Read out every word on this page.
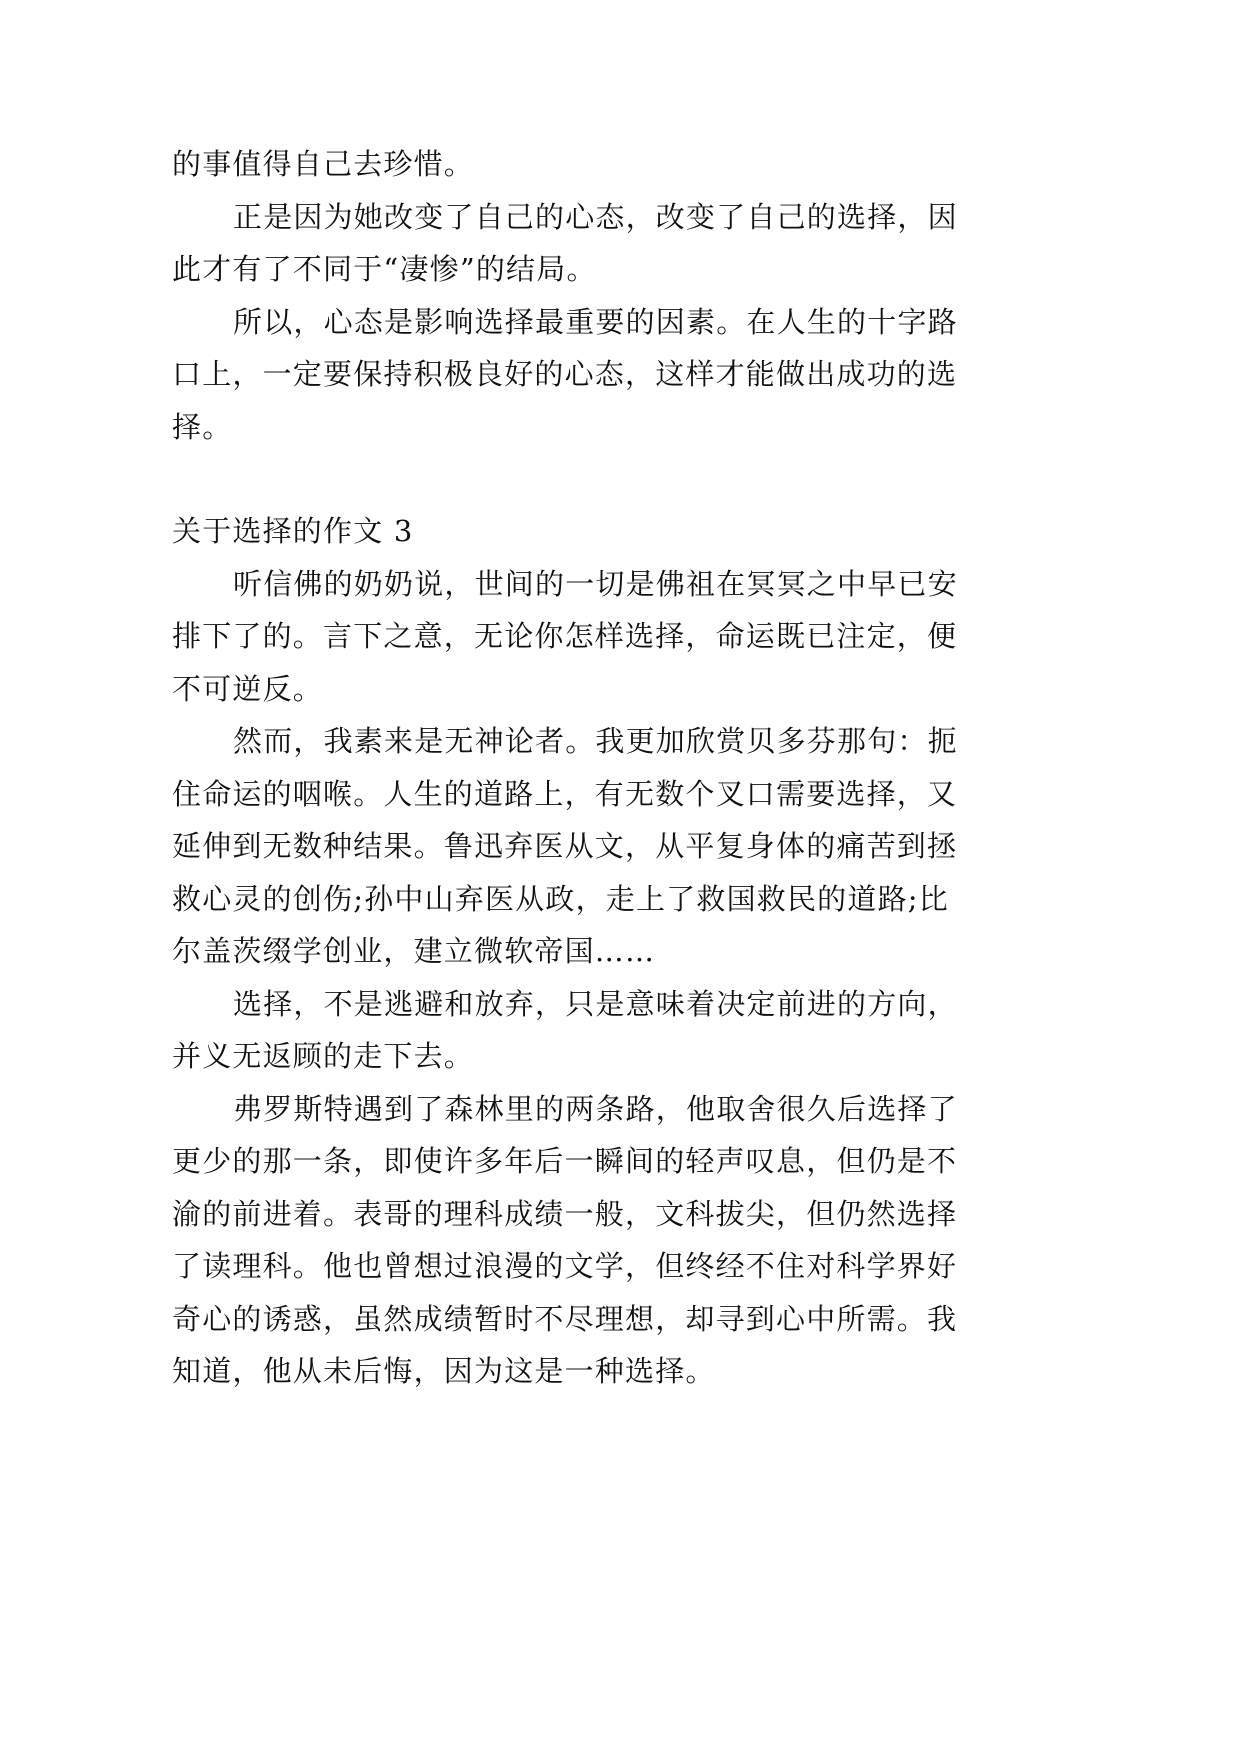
的事值得自己去珍惜。
正是因为她改变了自己的心态，改变了自己的选择，因
此才有了不同于“凄惨”的结局。
所以，心态是影响选择最重要的因素。在人生的十字路
口上，一定要保持积极良好的心态，这样才能做出成功的选
择。
关于选择的作文 3
听信佛的奶奶说，世间的一切是佛祖在冥冥之中早已安
排下了的。言下之意，无论你怎样选择，命运既已注定，便
不可逆反。
然而，我素来是无神论者。我更加欣赏贝多芬那句：扼
住命运的咽喉。人生的道路上，有无数个叉口需要选择，又
延伸到无数种结果。鲁迅弃医从文，从平复身体的痛苦到拯
救心灵的创伤;孙中山弃医从政，走上了救国救民的道路;比
尔盖茨缀学创业，建立微软帝国……
选择，不是逃避和放弃，只是意味着决定前进的方向，
并义无返顾的走下去。
弗罗斯特遇到了森林里的两条路，他取舍很久后选择了
更少的那一条，即使许多年后一瞬间的轻声叹息，但仍是不
渝的前进着。表哥的理科成绩一般，文科拔尖，但仍然选择
了读理科。他也曾想过浪漫的文学，但终经不住对科学界好
奇心的诱惑，虽然成绩暂时不尽理想，却寻到心中所需。我
知道，他从未后悔，因为这是一种选择。
